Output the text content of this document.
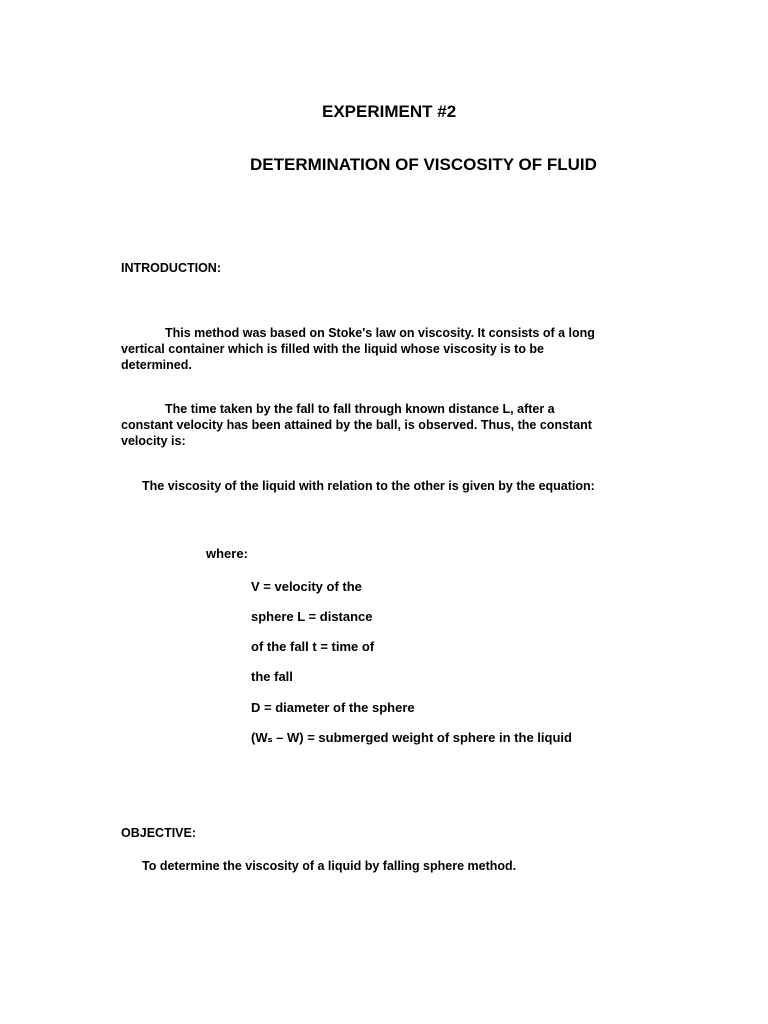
EXPERIMENT #2
DETERMINATION OF VISCOSITY OF FLUID
INTRODUCTION:

This method was based on Stoke's law on viscosity. It consists of a long

vertical container which is filled with the liquid whose viscosity is to be

determined.

The time taken by the fall to fall through known distance L, after a

constant velocity has been attained by the ball, is observed. Thus, the constant

velocity is:

The viscosity of the liquid with relation to the other is given by the equation:

where:

V = velocity of the

sphere L = distance

of the fall t = time of

the fall

D = diameter of the sphere

(Wₛ – W) = submerged weight of sphere in the liquid

OBJECTIVE:

To determine the viscosity of a liquid by falling sphere method.
